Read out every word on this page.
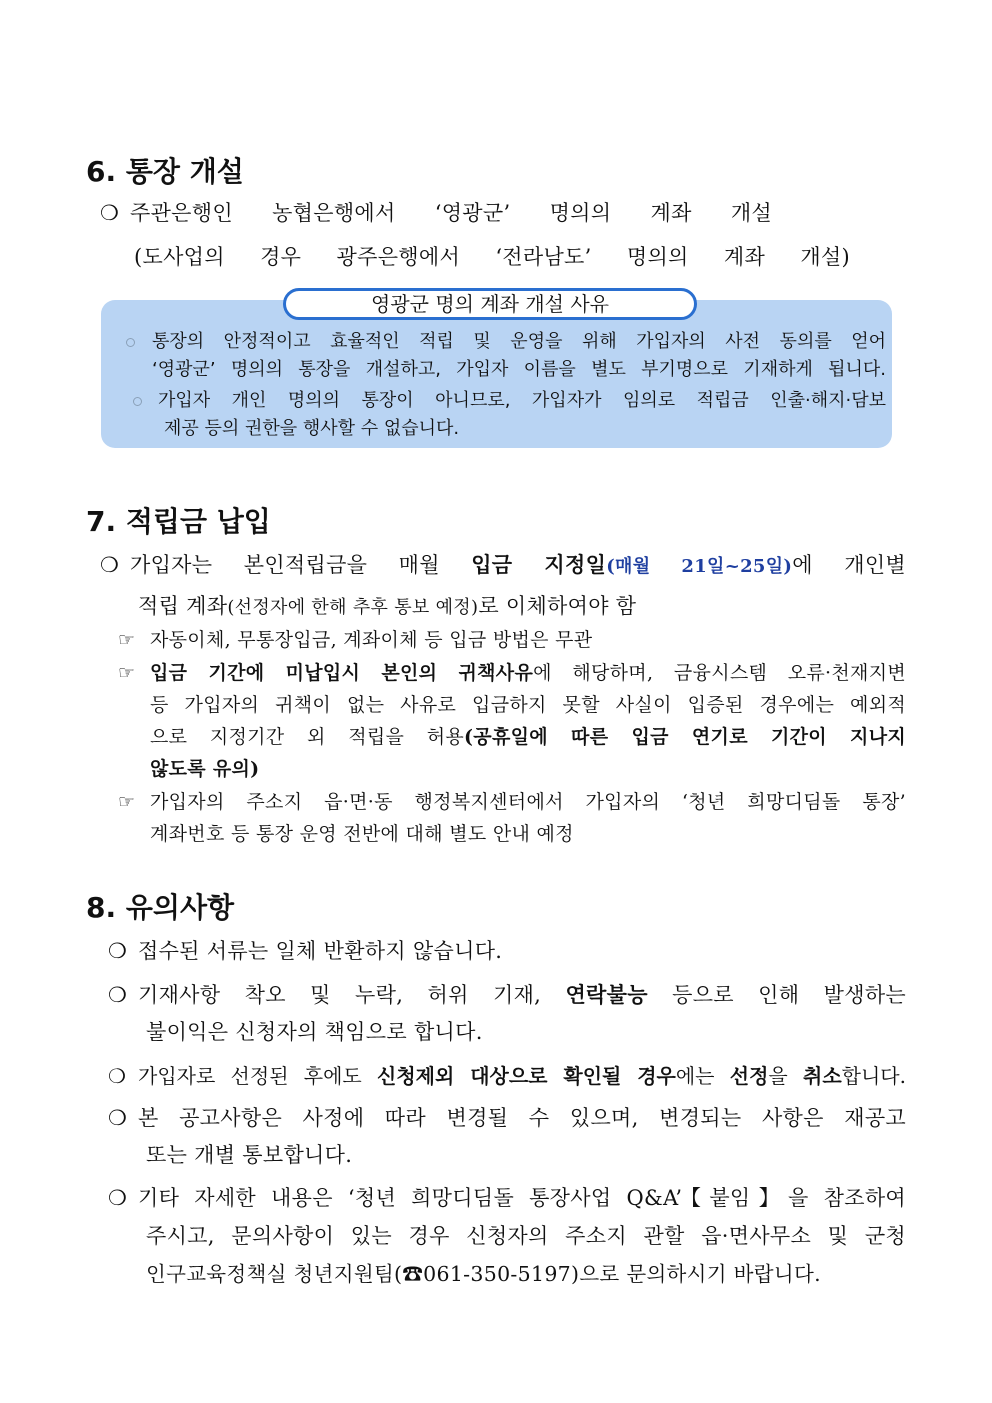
6. 통장 개설
❍ 주관은행인 농협은행에서 ‘영광군’ 명의의 계좌 개설
(도사업의 경우 광주은행에서 ‘전라남도’ 명의의 계좌 개설)
영광군 명의 계좌 개설 사유
통장의 안정적이고 효율적인 적립 및 운영을 위해 가입자의 사전 동의를 얻어
‘영광군’ 명의의 통장을 개설하고, 가입자 이름을 별도 부기명으로 기재하게 됩니다.
가입자 개인 명의의 통장이 아니므로, 가입자가 임의로 적립금 인출·해지·담보
제공 등의 권한을 행사할 수 없습니다.
7. 적립금 납입
❍ 가입자는 본인적립금을 매월 입금 지정일(매월 21일~25일)에 개인별
적립 계좌(선정자에 한해 추후 통보 예정)로 이체하여야 함
☞ 자동이체, 무통장입금, 계좌이체 등 입금 방법은 무관
☞ 입금 기간에 미납입시 본인의 귀책사유에 해당하며, 금융시스템 오류·천재지변
등 가입자의 귀책이 없는 사유로 입금하지 못할 사실이 입증된 경우에는 예외적
으로 지정기간 외 적립을 허용(공휴일에 따른 입금 연기로 기간이 지나지
않도록 유의)
☞ 가입자의 주소지 읍·면·동 행정복지센터에서 가입자의 ‘청년 희망디딤돌 통장’
계좌번호 등 통장 운영 전반에 대해 별도 안내 예정
8. 유의사항
❍ 접수된 서류는 일체 반환하지 않습니다.
❍ 기재사항 착오 및 누락, 허위 기재, 연락불능 등으로 인해 발생하는
불이익은 신청자의 책임으로 합니다.
❍ 가입자로 선정된 후에도 신청제외 대상으로 확인될 경우에는 선정을 취소합니다.
❍ 본 공고사항은 사정에 따라 변경될 수 있으며, 변경되는 사항은 재공고
또는 개별 통보합니다.
❍ 기타 자세한 내용은 ‘청년 희망디딤돌 통장사업 Q&A’【붙임】을 참조하여
주시고, 문의사항이 있는 경우 신청자의 주소지 관할 읍·면사무소 및 군청
인구교육정책실 청년지원팀(☎061-350-5197)으로 문의하시기 바랍니다.
